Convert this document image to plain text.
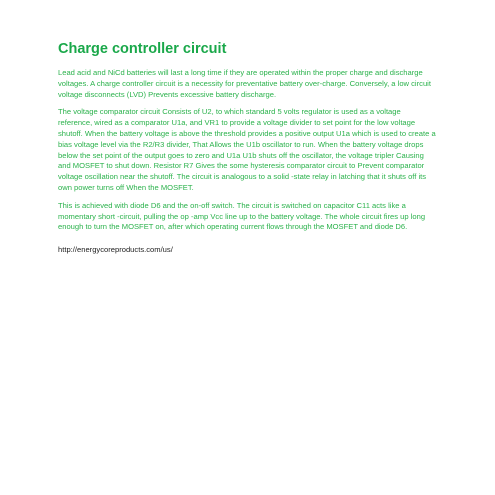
Charge controller circuit

Lead acid and NiCd batteries will last a long time if they are operated within the proper charge and discharge voltages. A charge controller circuit is a necessity for preventative battery over-charge. Conversely, a low circuit voltage disconnects (LVD) Prevents excessive battery discharge.

The voltage comparator circuit Consists of U2, to which standard 5 volts regulator is used as a voltage reference, wired as a comparator U1a, and VR1 to provide a voltage divider to set point for the low voltage shutoff. When the battery voltage is above the threshold provides a positive output U1a which is used to create a bias voltage level via the R2/R3 divider, That Allows the U1b oscillator to run. When the battery voltage drops below the set point of the output goes to zero and U1a U1b shuts off the oscillator, the voltage tripler Causing and MOSFET to shut down. Resistor R7 Gives the some hysteresis comparator circuit to Prevent comparator voltage oscillation near the shutoff. The circuit is analogous to a solid -state relay in latching that it shuts off its own power turns off When the MOSFET.

This is achieved with diode D6 and the on-off switch. The circuit is switched on capacitor C11 acts like a momentary short -circuit, pulling the op -amp Vcc line up to the battery voltage. The whole circuit fires up long enough to turn the MOSFET on, after which operating current flows through the MOSFET and diode D6.

http://energycoreproducts.com/us/
